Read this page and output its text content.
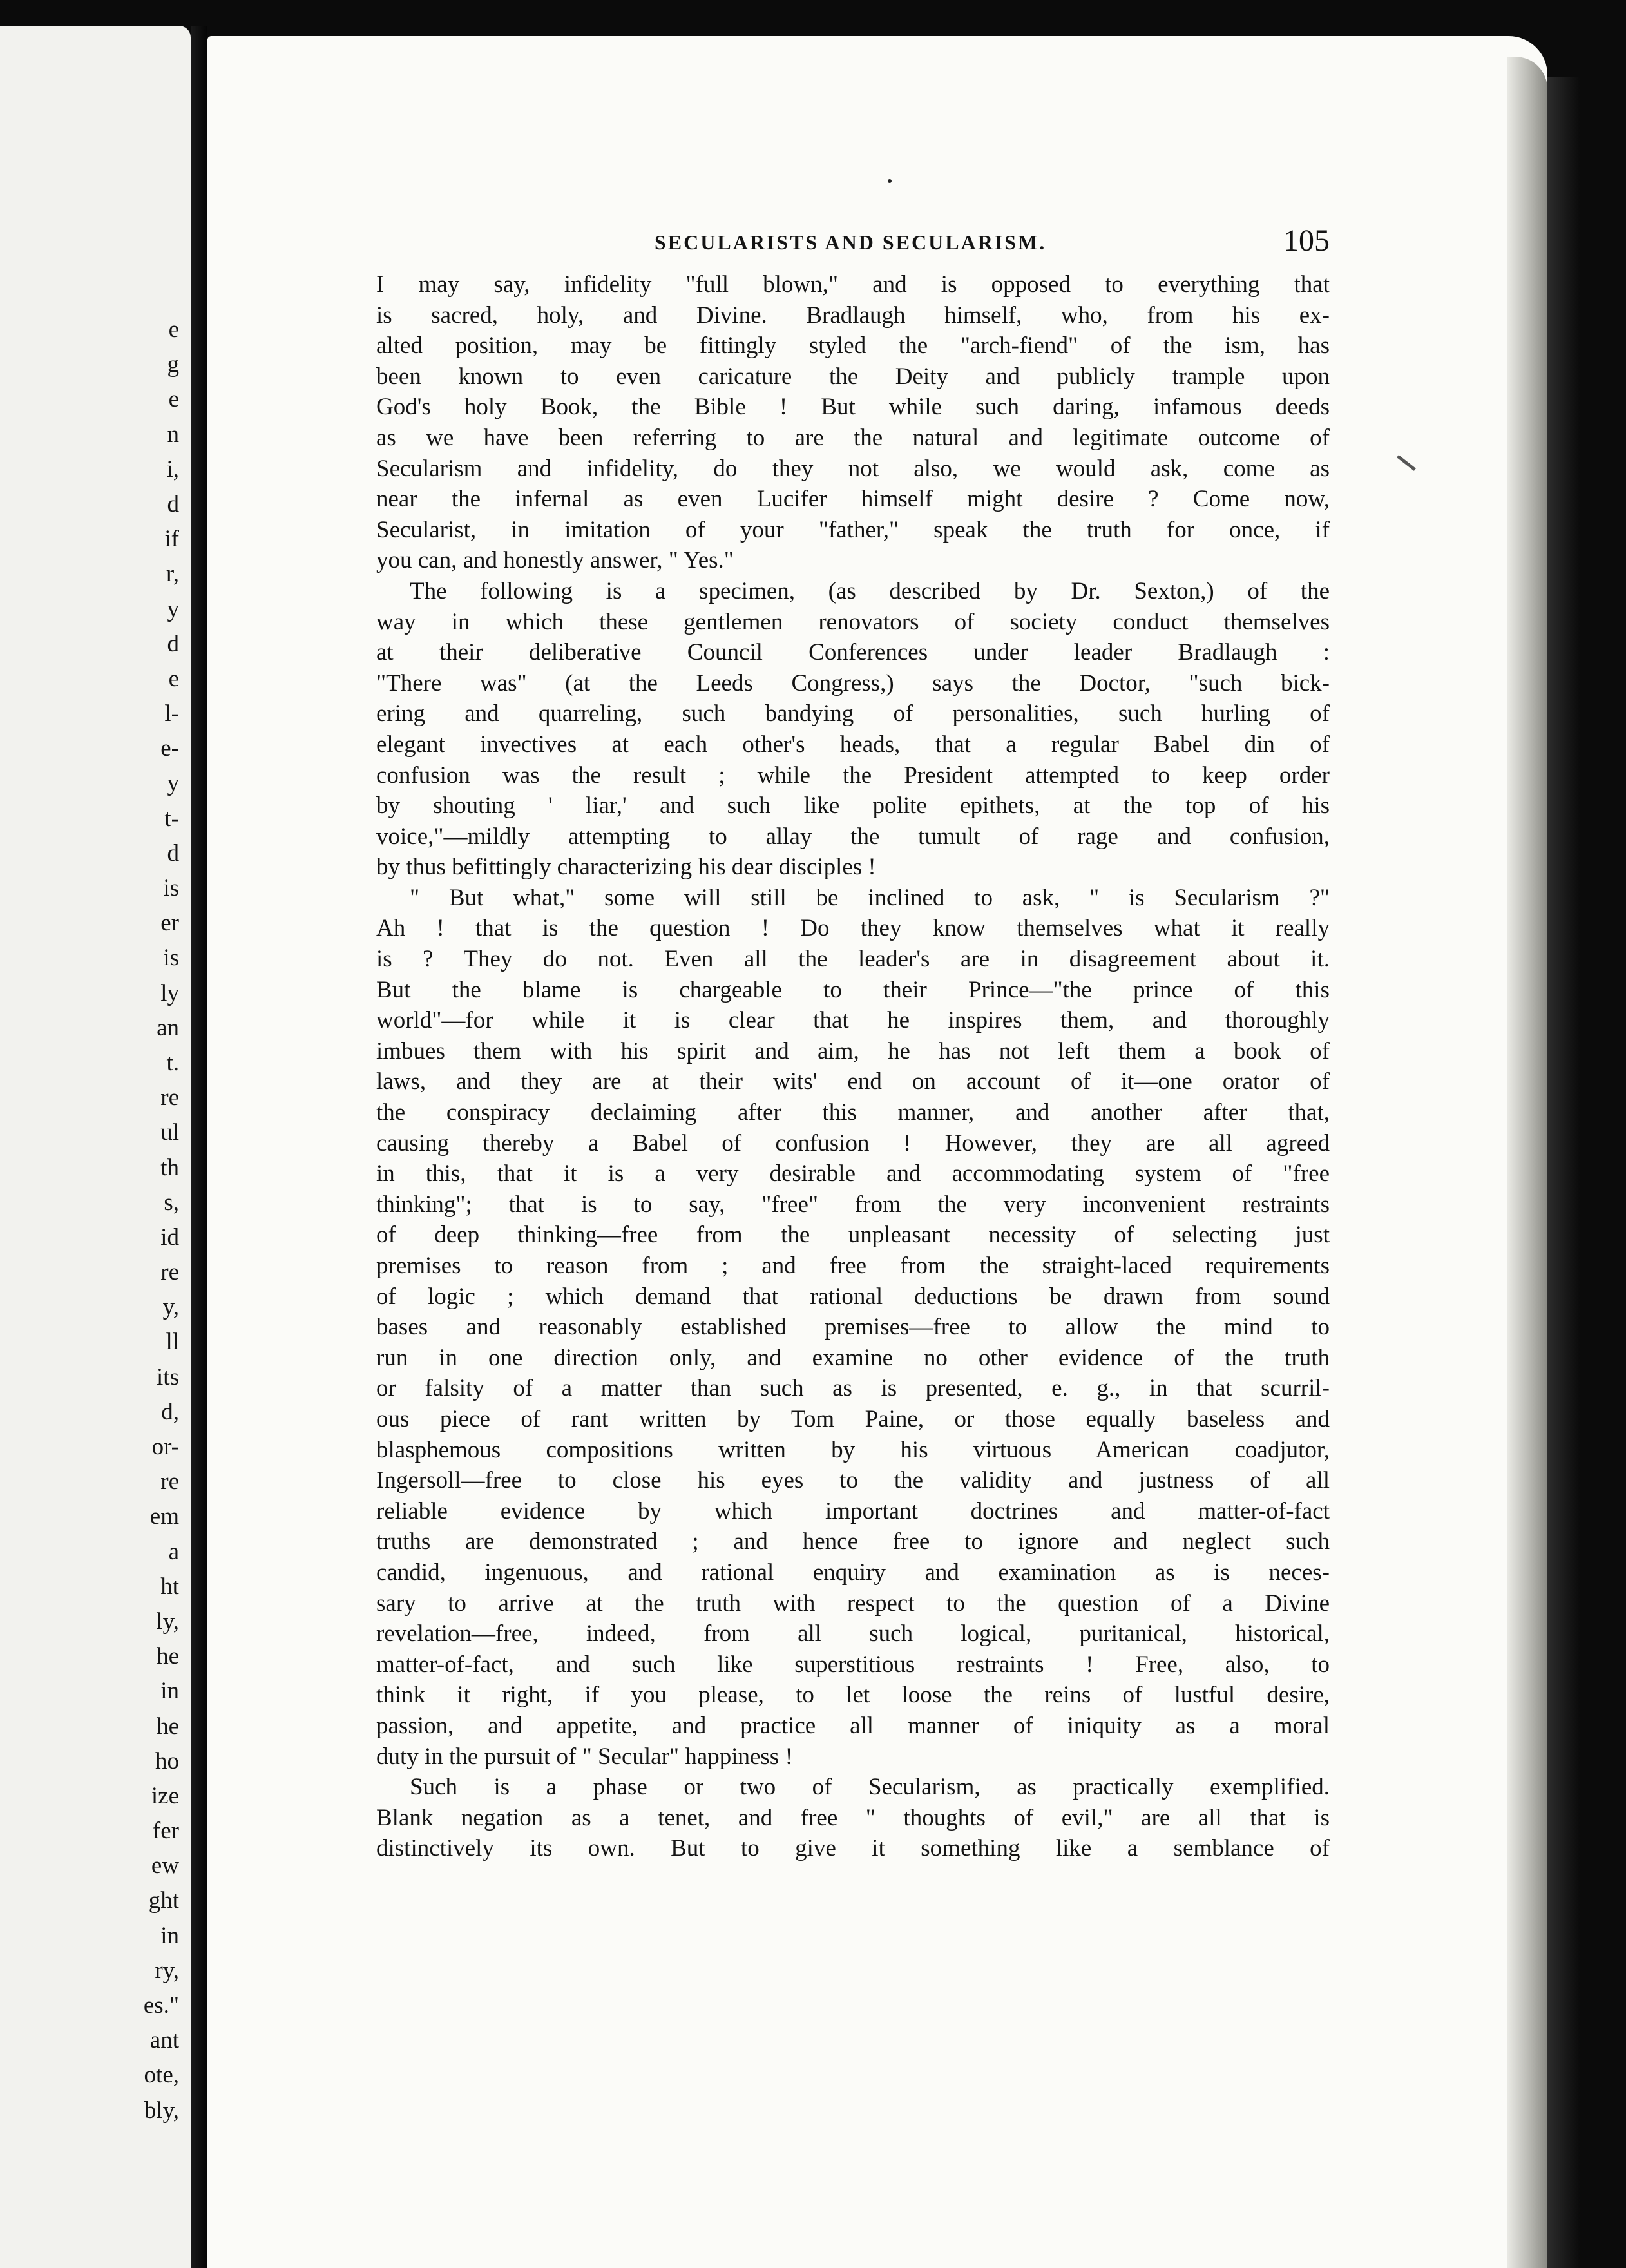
e
g
e
n
i,
d
if
r,
y
d
e
l-
e-
y
t-
d
is
er
is
ly
an
t.
re
ul
th
s,
id
re
y,
ll
its
d,
or-
re
em
a
ht
ly,
he
in
he
ho
ize
fer
ew
ght
in
ry,
es."
ant
ote,
bly,
SECULARISTS AND SECULARISM.	105
I may say, infidelity "full blown," and is opposed to everything that
is sacred, holy, and Divine. Bradlaugh himself, who, from his ex-
alted position, may be fittingly styled the "arch-fiend" of the ism, has
been known to even caricature the Deity and publicly trample upon
God's holy Book, the Bible ! But while such daring, infamous deeds
as we have been referring to are the natural and legitimate outcome of
Secularism and infidelity, do they not also, we would ask, come as
near the infernal as even Lucifer himself might desire ? Come now,
Secularist, in imitation of your "father," speak the truth for once, if
you can, and honestly answer, " Yes."
The following is a specimen, (as described by Dr. Sexton,) of the
way in which these gentlemen renovators of society conduct themselves
at their deliberative Council Conferences under leader Bradlaugh :
"There was" (at the Leeds Congress,) says the Doctor, "such bick-
ering and quarreling, such bandying of personalities, such hurling of
elegant invectives at each other's heads, that a regular Babel din of
confusion was the result ; while the President attempted to keep order
by shouting ' liar,' and such like polite epithets, at the top of his
voice,"—mildly attempting to allay the tumult of rage and confusion,
by thus befittingly characterizing his dear disciples !
" But what," some will still be inclined to ask, " is Secularism ?"
Ah ! that is the question ! Do they know themselves what it really
is ? They do not. Even all the leader's are in disagreement about it.
But the blame is chargeable to their Prince—"the prince of this
world"—for while it is clear that he inspires them, and thoroughly
imbues them with his spirit and aim, he has not left them a book of
laws, and they are at their wits' end on account of it—one orator of
the conspiracy declaiming after this manner, and another after that,
causing thereby a Babel of confusion ! However, they are all agreed
in this, that it is a very desirable and accommodating system of "free
thinking"; that is to say, "free" from the very inconvenient restraints
of deep thinking—free from the unpleasant necessity of selecting just
premises to reason from ; and free from the straight-laced requirements
of logic ; which demand that rational deductions be drawn from sound
bases and reasonably established premises—free to allow the mind to
run in one direction only, and examine no other evidence of the truth
or falsity of a matter than such as is presented, e. g., in that scurril-
ous piece of rant written by Tom Paine, or those equally baseless and
blasphemous compositions written by his virtuous American coadjutor,
Ingersoll—free to close his eyes to the validity and justness of all
reliable evidence by which important doctrines and matter-of-fact
truths are demonstrated ; and hence free to ignore and neglect such
candid, ingenuous, and rational enquiry and examination as is neces-
sary to arrive at the truth with respect to the question of a Divine
revelation—free, indeed, from all such logical, puritanical, historical,
matter-of-fact, and such like superstitious restraints ! Free, also, to
think it right, if you please, to let loose the reins of lustful desire,
passion, and appetite, and practice all manner of iniquity as a moral
duty in the pursuit of " Secular" happiness !
Such is a phase or two of Secularism, as practically exemplified.
Blank negation as a tenet, and free " thoughts of evil," are all that is
distinctively its own. But to give it something like a semblance of
